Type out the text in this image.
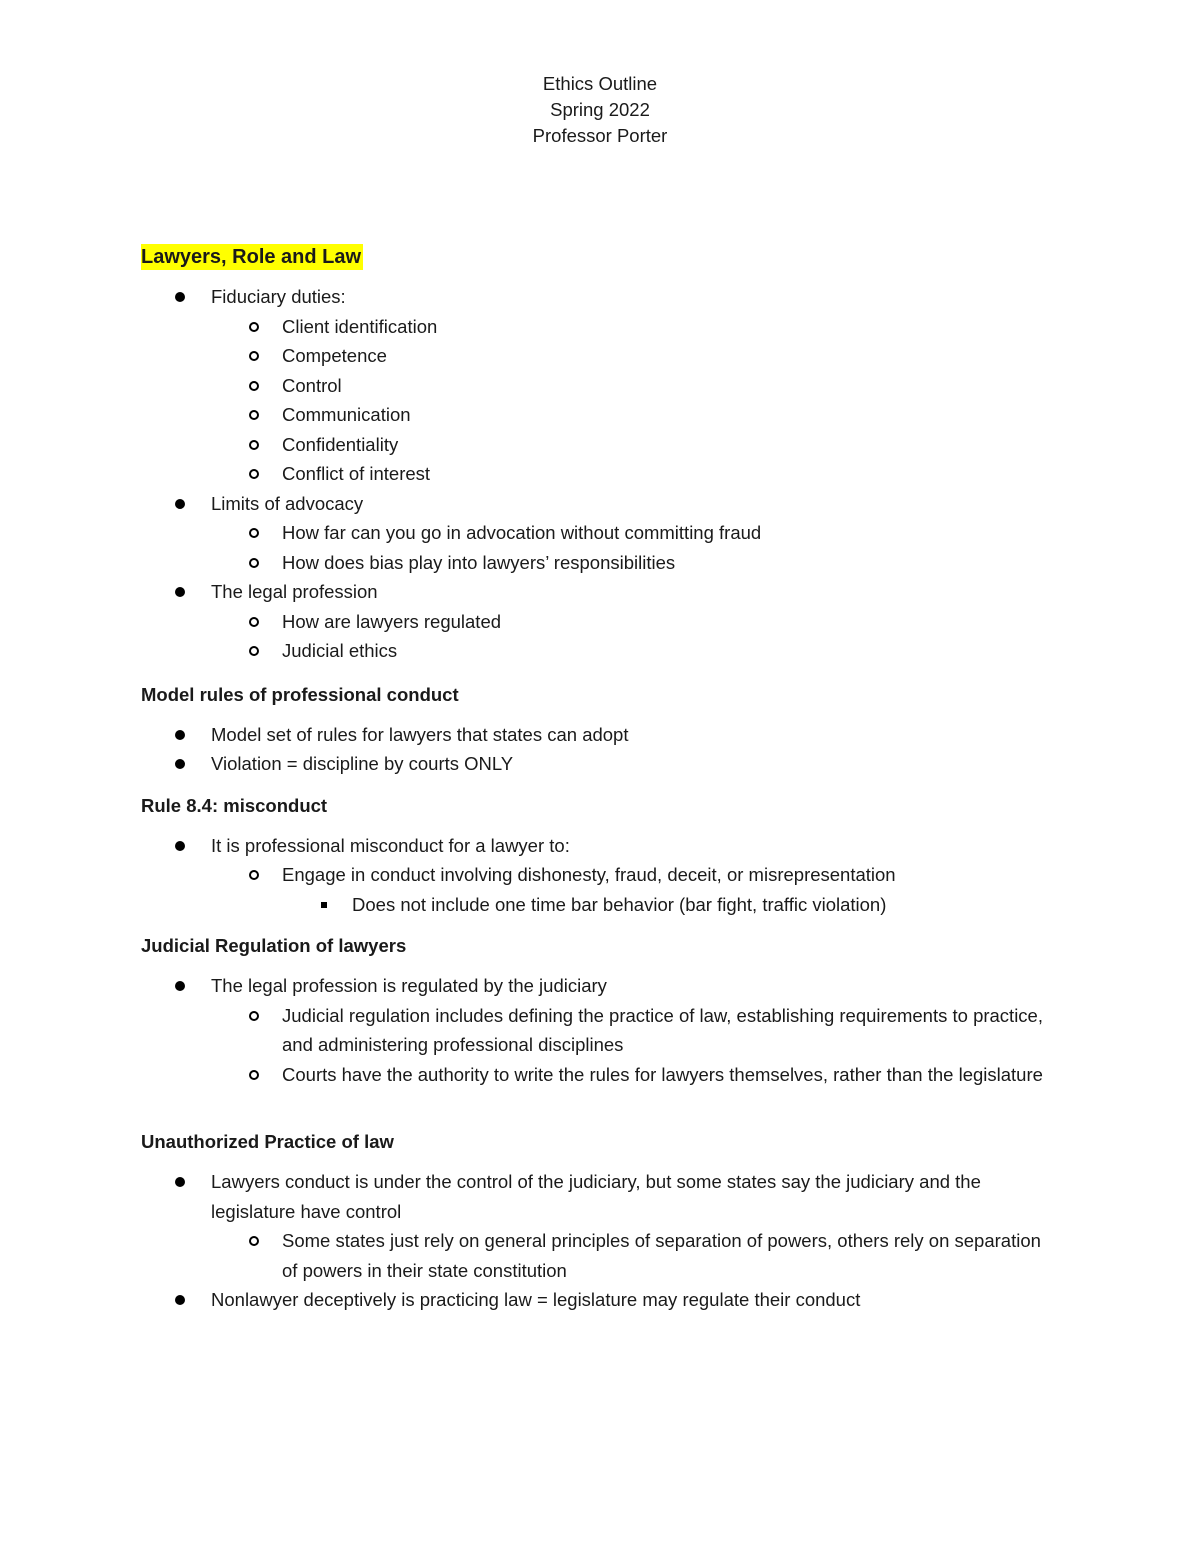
Ethics Outline
Spring 2022
Professor Porter
Lawyers, Role and Law
Fiduciary duties:
Client identification
Competence
Control
Communication
Confidentiality
Conflict of interest
Limits of advocacy
How far can you go in advocation without committing fraud
How does bias play into lawyers’ responsibilities
The legal profession
How are lawyers regulated
Judicial ethics
Model rules of professional conduct
Model set of rules for lawyers that states can adopt
Violation = discipline by courts ONLY
Rule 8.4: misconduct
It is professional misconduct for a lawyer to:
Engage in conduct involving dishonesty, fraud, deceit, or misrepresentation
Does not include one time bar behavior (bar fight, traffic violation)
Judicial Regulation of lawyers
The legal profession is regulated by the judiciary
Judicial regulation includes defining the practice of law, establishing requirements to practice, and administering professional disciplines
Courts have the authority to write the rules for lawyers themselves, rather than the legislature
Unauthorized Practice of law
Lawyers conduct is under the control of the judiciary, but some states say the judiciary and the legislature have control
Some states just rely on general principles of separation of powers, others rely on separation of powers in their state constitution
Nonlawyer deceptively is practicing law = legislature may regulate their conduct
